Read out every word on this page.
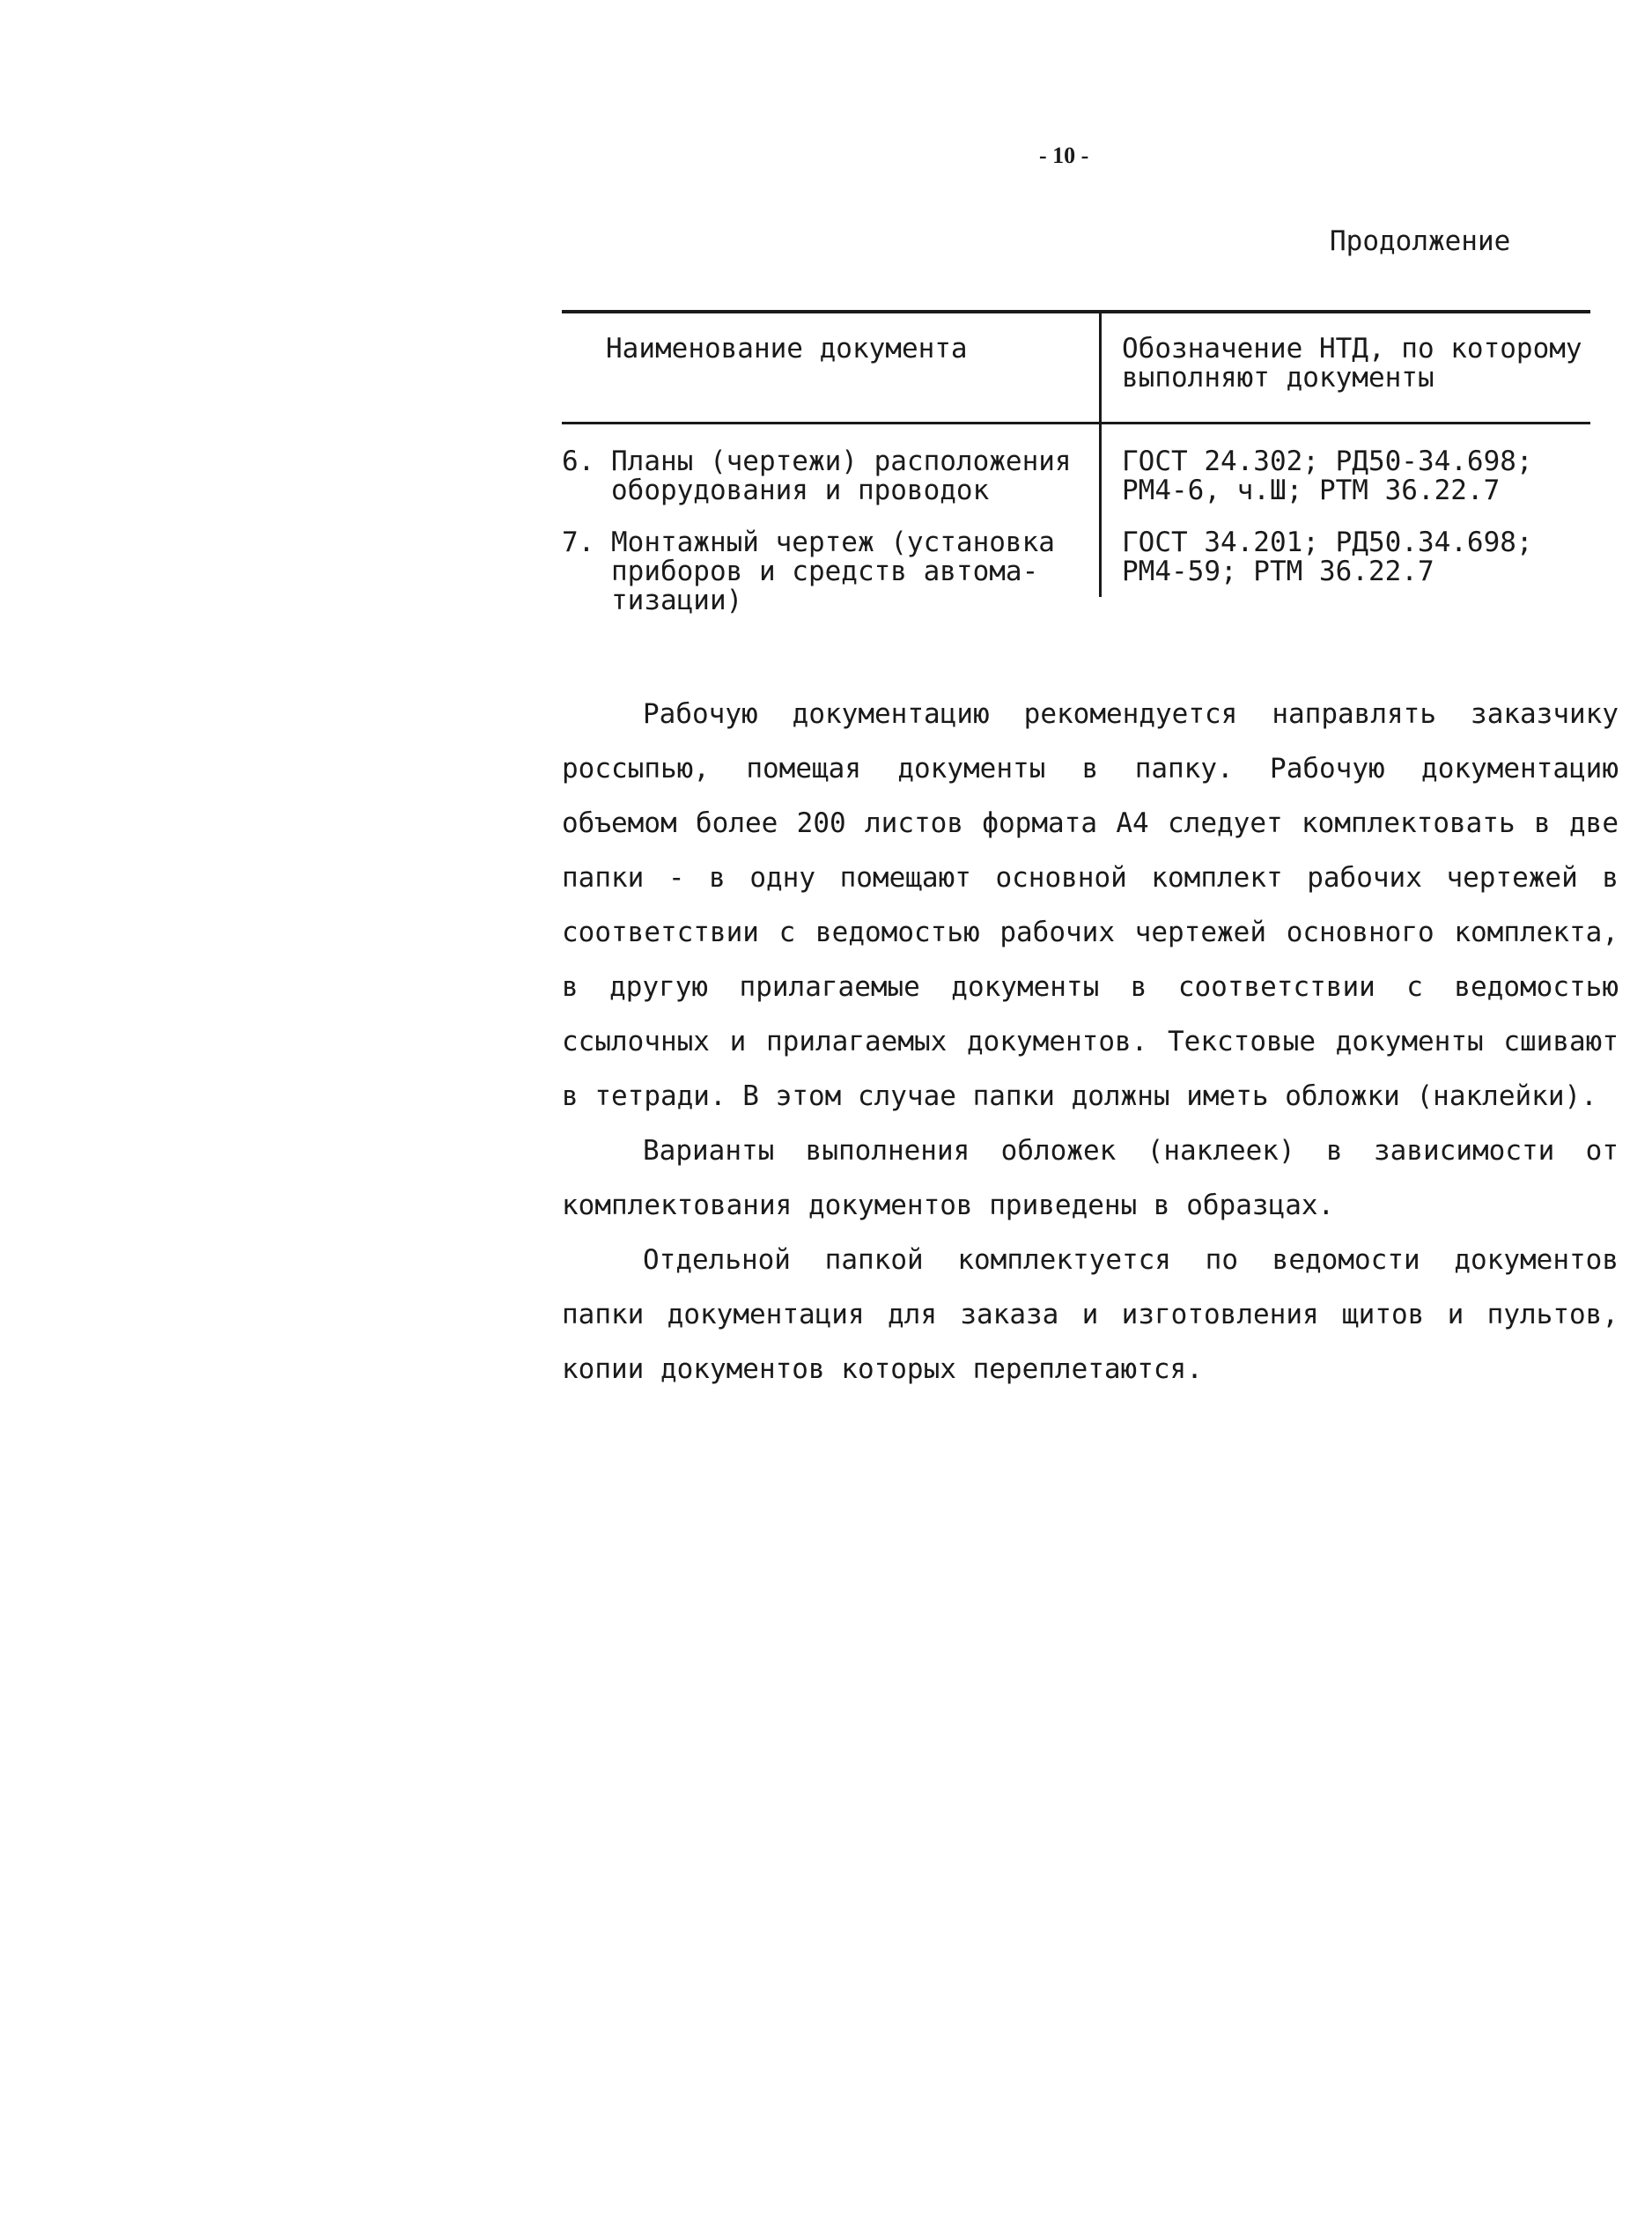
- 10 -
Продолжение
Наименование документа	Обозначение НТД, по которому выполняют документы
6. Планы (чертежи) расположения
оборудования и проводок
ГОСТ 24.302; РД50-34.698;
РМ4-6, ч.Ш; РТМ 36.22.7
7. Монтажный чертеж (установка
приборов и средств автома-
тизации)
ГОСТ 34.201; РД50.34.698;
РМ4-59; РТМ 36.22.7

Рабочую документацию рекомендуется направлять заказчику россыпью, помещая документы в папку. Рабочую документацию объемом более 200 листов формата А4 следует комплектовать в две папки - в одну помещают основной комплект рабочих чертежей в соответствии с ведомостью рабочих чертежей основного комплекта, в другую прилагаемые документы в соответствии с ведомостью ссылочных и прилагаемых документов. Текстовые документы сшивают в тетради. В этом случае папки должны иметь обложки (наклейки).

Варианты выполнения обложек (наклеек) в зависимости от комплектования документов приведены в образцах.

Отдельной папкой комплектуется по ведомости документов папки документация для заказа и изготовления щитов и пультов, копии документов которых переплетаются.
